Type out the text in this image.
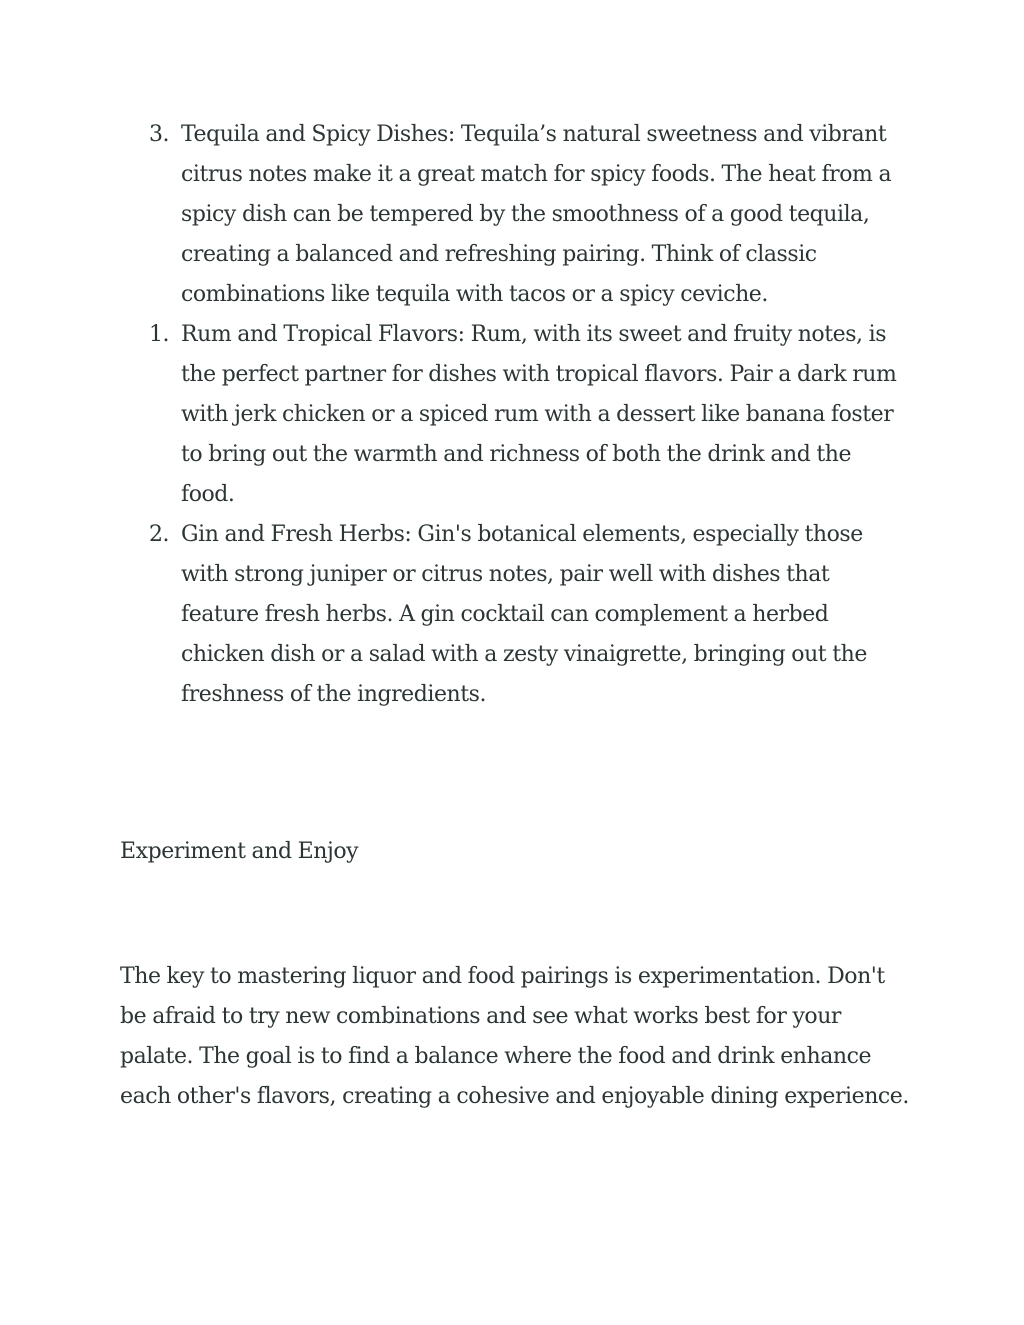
3. Tequila and Spicy Dishes: Tequila’s natural sweetness and vibrant citrus notes make it a great match for spicy foods. The heat from a spicy dish can be tempered by the smoothness of a good tequila, creating a balanced and refreshing pairing. Think of classic combinations like tequila with tacos or a spicy ceviche.
1. Rum and Tropical Flavors: Rum, with its sweet and fruity notes, is the perfect partner for dishes with tropical flavors. Pair a dark rum with jerk chicken or a spiced rum with a dessert like banana foster to bring out the warmth and richness of both the drink and the food.
2. Gin and Fresh Herbs: Gin's botanical elements, especially those with strong juniper or citrus notes, pair well with dishes that feature fresh herbs. A gin cocktail can complement a herbed chicken dish or a salad with a zesty vinaigrette, bringing out the freshness of the ingredients.
Experiment and Enjoy

The key to mastering liquor and food pairings is experimentation. Don't be afraid to try new combinations and see what works best for your palate. The goal is to find a balance where the food and drink enhance each other's flavors, creating a cohesive and enjoyable dining experience.
